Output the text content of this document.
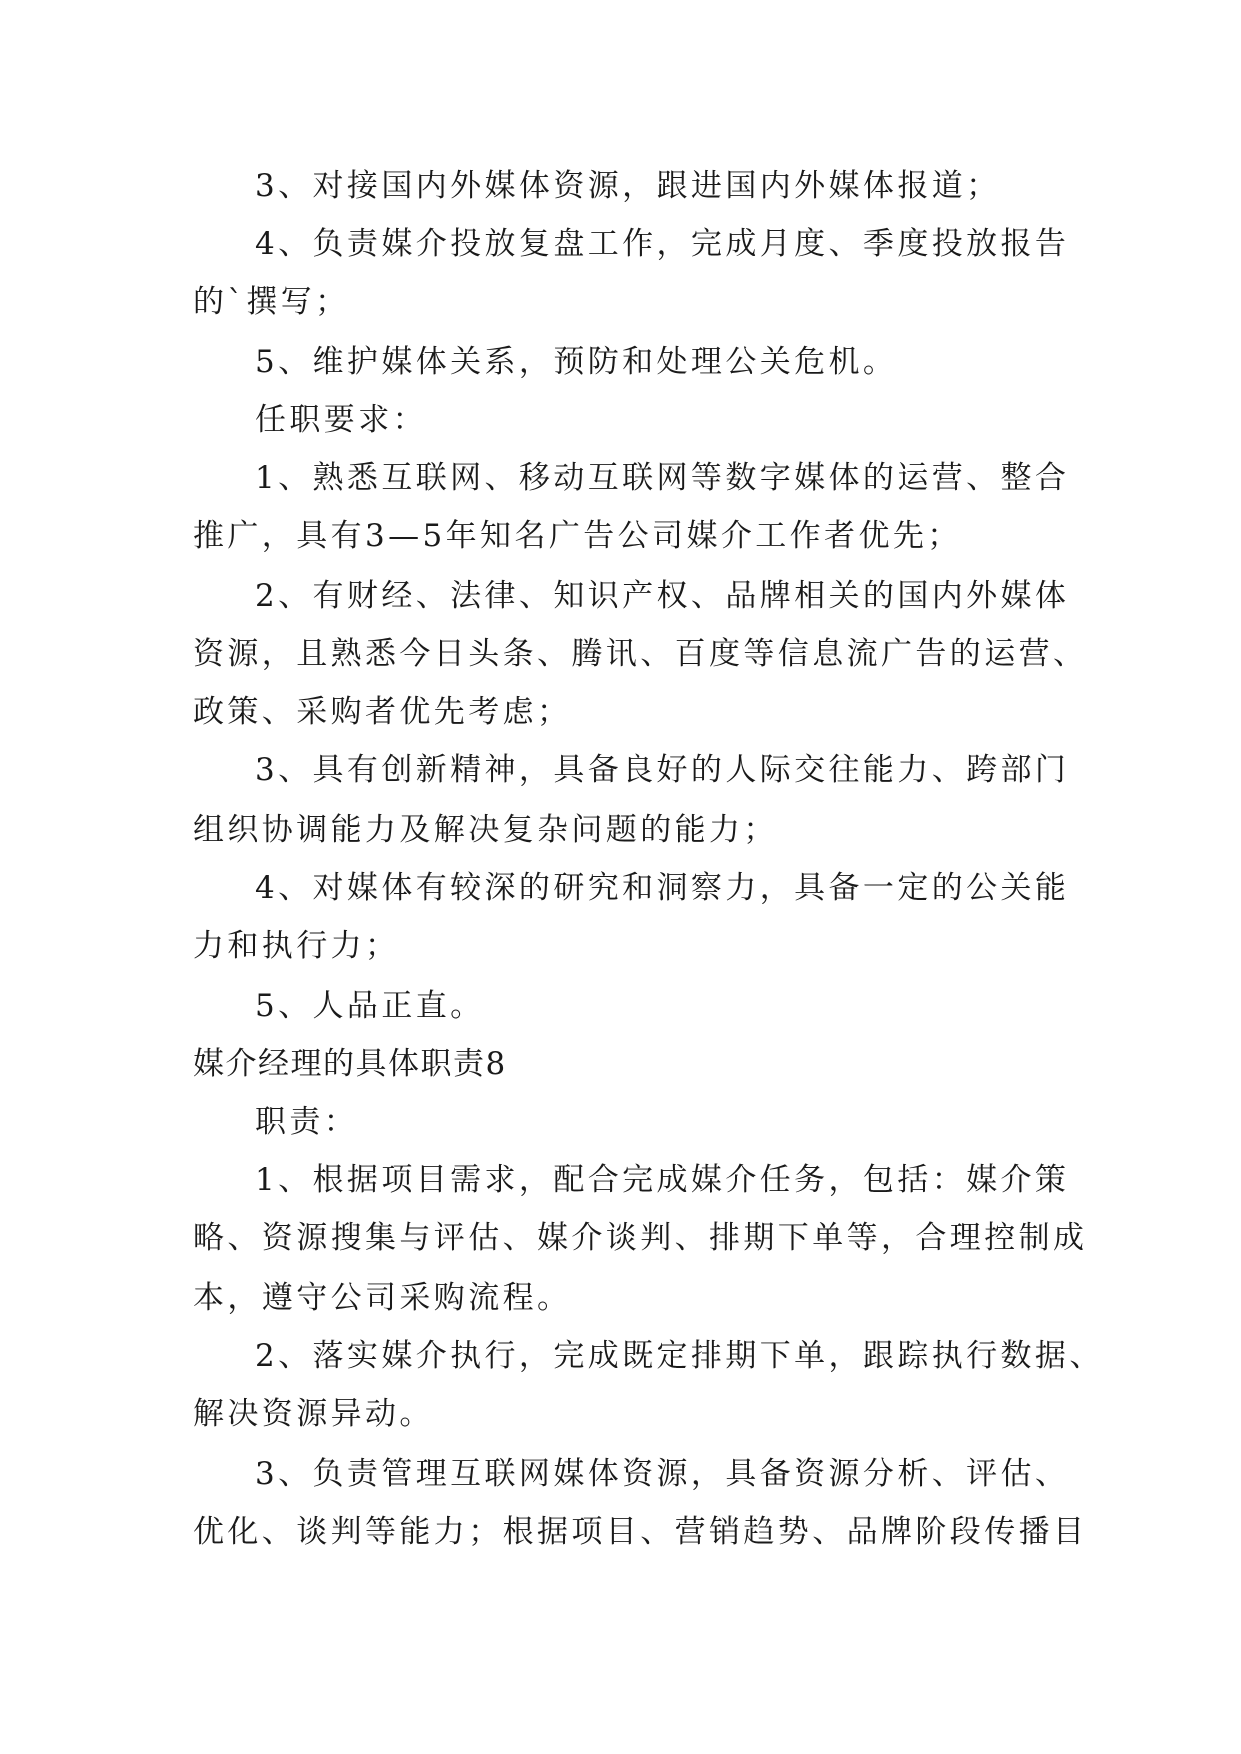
3、对接国内外媒体资源，跟进国内外媒体报道；
4、负责媒介投放复盘工作，完成月度、季度投放报告
的`撰写；
5、维护媒体关系，预防和处理公关危机。
任职要求：
1、熟悉互联网、移动互联网等数字媒体的运营、整合
推广，具有3—5年知名广告公司媒介工作者优先；
2、有财经、法律、知识产权、品牌相关的国内外媒体
资源，且熟悉今日头条、腾讯、百度等信息流广告的运营、
政策、采购者优先考虑；
3、具有创新精神，具备良好的人际交往能力、跨部门
组织协调能力及解决复杂问题的能力；
4、对媒体有较深的研究和洞察力，具备一定的公关能
力和执行力；
5、人品正直。
媒介经理的具体职责8
职责：
1、根据项目需求，配合完成媒介任务，包括：媒介策
略、资源搜集与评估、媒介谈判、排期下单等，合理控制成
本，遵守公司采购流程。
2、落实媒介执行，完成既定排期下单，跟踪执行数据、
解决资源异动。
3、负责管理互联网媒体资源，具备资源分析、评估、
优化、谈判等能力；根据项目、营销趋势、品牌阶段传播目
